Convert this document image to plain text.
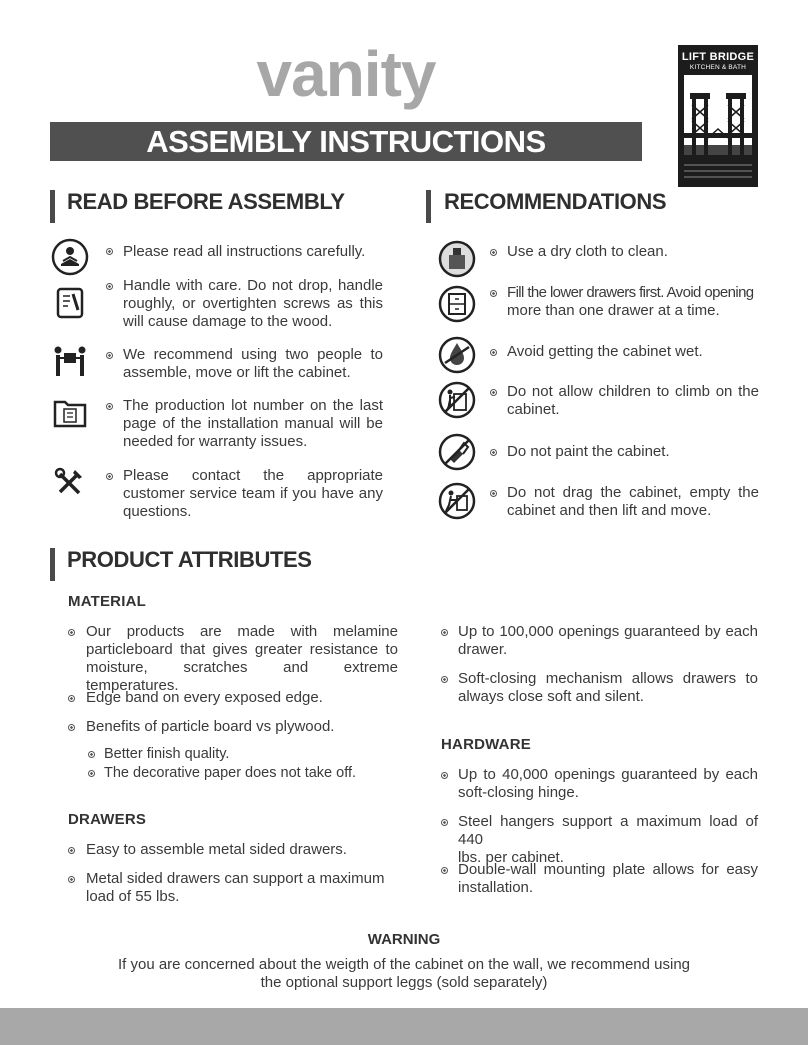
vanity
ASSEMBLY INSTRUCTIONS
LIFT BRIDGE
KITCHEN & BATH
READ BEFORE ASSEMBLY
Please read all instructions carefully.
Handle with care. Do not drop, handle
roughly, or overtighten screws as this
will cause damage to the wood.
We recommend using two people to
assemble, move or lift the cabinet.
The production lot number on the last
page of the installation manual will be
needed for warranty issues.
Please contact the appropriate
customer service team if you have any
questions.
RECOMMENDATIONS
Use a dry cloth to clean.
Fill the lower drawers first. Avoid opening
more than one drawer at a time.
Avoid getting the cabinet wet.
Do not allow children to climb on the
cabinet.
Do not paint the cabinet.
Do not drag the cabinet, empty the
cabinet and then lift and move.
PRODUCT ATTRIBUTES
MATERIAL
Our products are made with melamine
particleboard that gives greater resistance to
moisture, scratches and extreme temperatures.
Edge band on every exposed edge.
Benefits of particle board vs plywood.
Better finish quality.
The decorative paper does not take off.
DRAWERS
Easy to assemble metal sided drawers.
Metal sided drawers can support a maximum
load of 55 lbs.
Up to 100,000 openings guaranteed by each
drawer.
Soft-closing mechanism allows drawers to
always close soft and silent.
HARDWARE
Up to 40,000 openings guaranteed by each
soft-closing hinge.
Steel hangers support a maximum load of 440
lbs. per cabinet.
Double-wall mounting plate allows for easy
installation.
WARNING
If you are concerned about the weigth of the cabinet on the wall, we recommend using
the optional support leggs (sold separately)
